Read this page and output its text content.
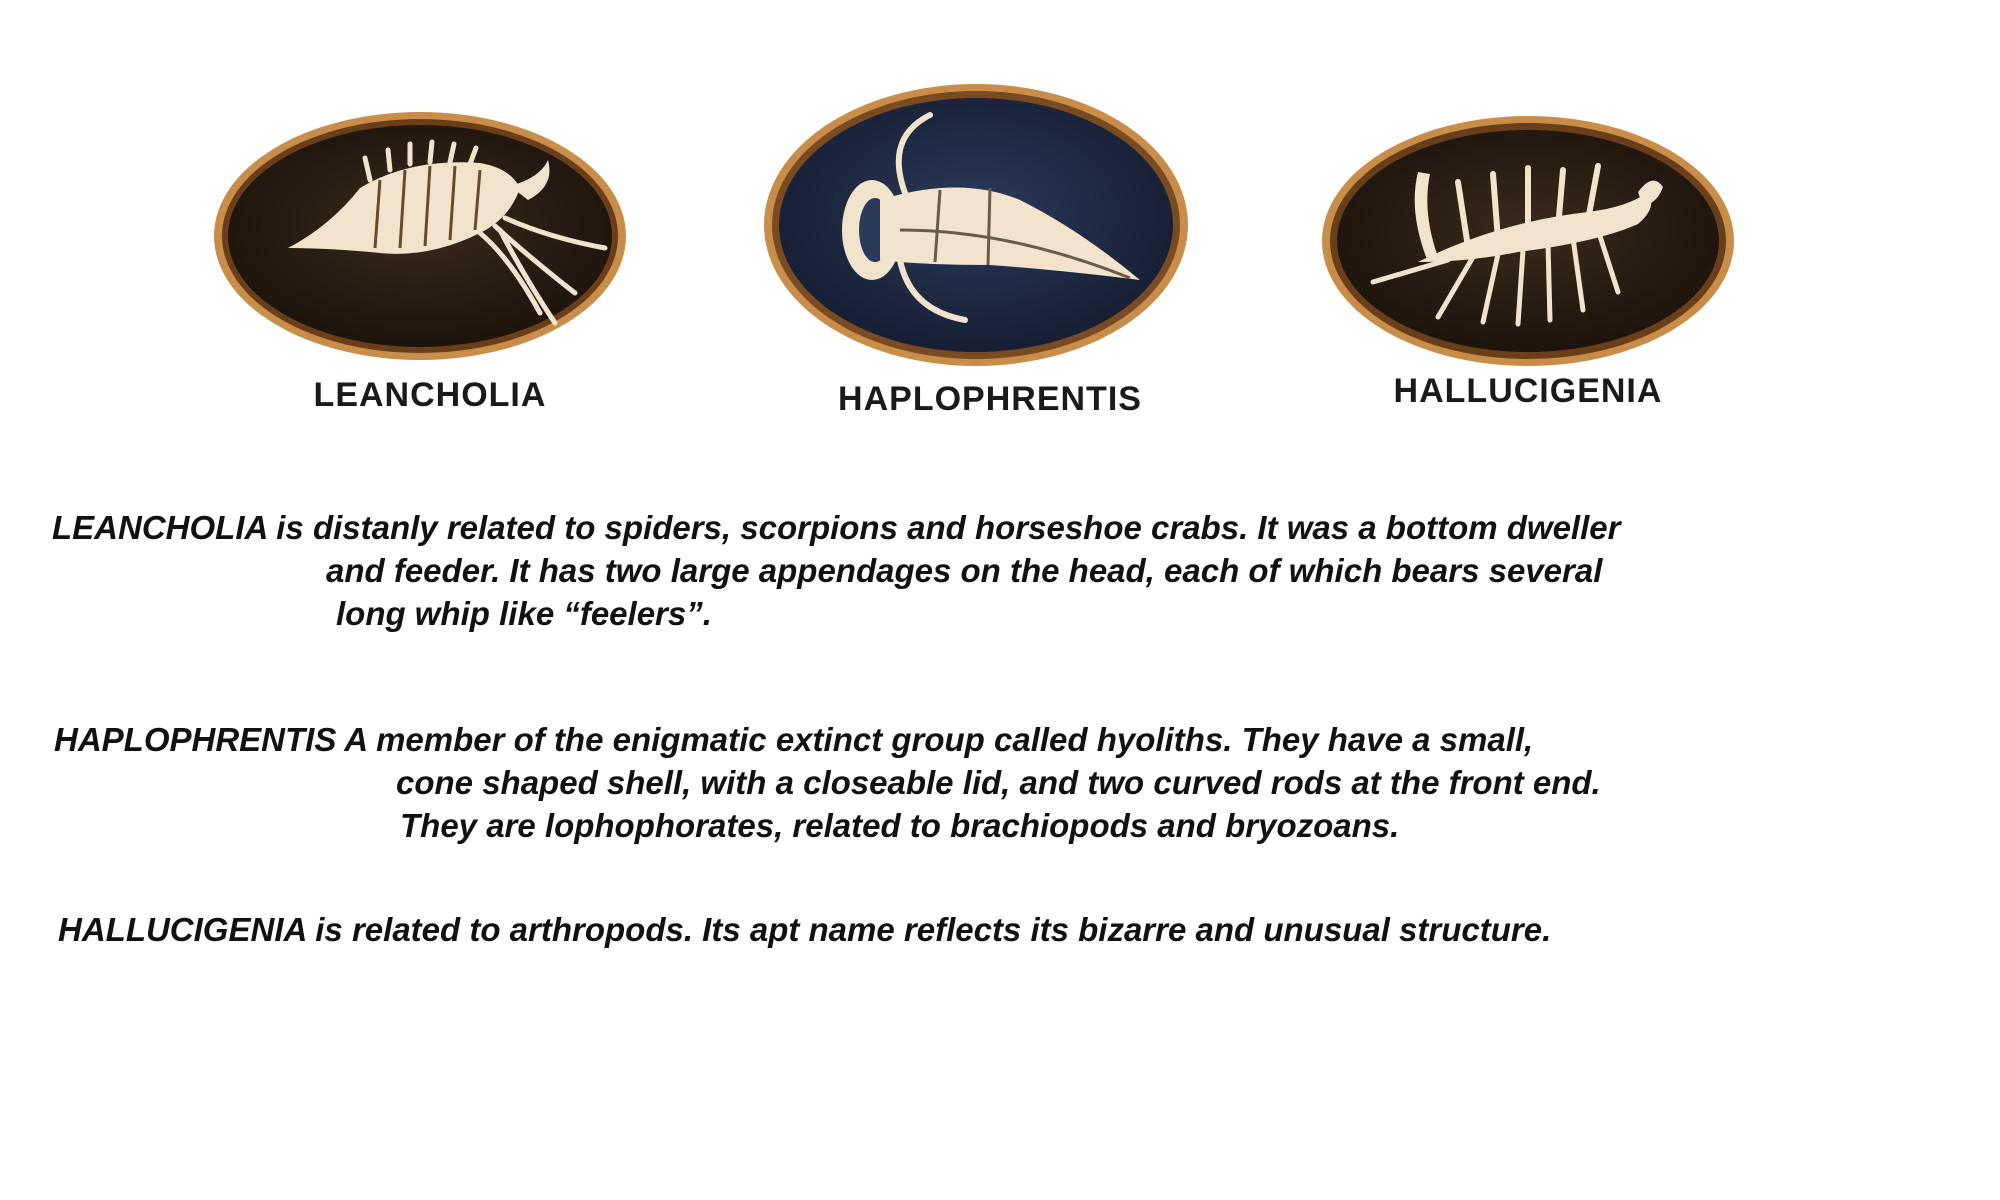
LEANCHOLIA	HAPLOPHRENTIS	HALLUCIGENIA
LEANCHOLIA is distanly related to spiders, scorpions and horseshoe crabs. It was a bottom dweller
and feeder. It has two large appendages on the head, each of which bears several
long whip like “feelers”.
HAPLOPHRENTIS A member of the enigmatic extinct group called hyoliths. They have a small,
cone shaped shell, with a closeable lid, and two curved rods at the front end.
They are lophophorates, related to brachiopods and bryozoans.
HALLUCIGENIA is related to arthropods. Its apt name reflects its bizarre and unusual structure.
